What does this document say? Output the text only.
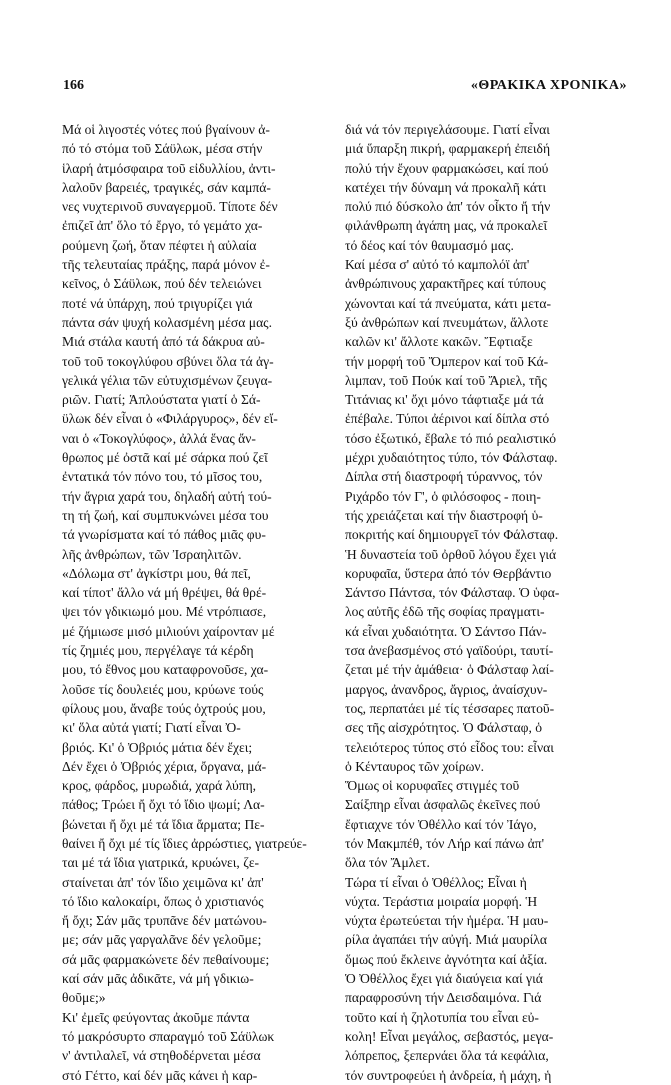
166	«ΘΡΑΚΙΚΑ ΧΡΟΝΙΚΑ»
Μά οἱ λιγοστές νότες πού βγαίνουν ἀ-
πό τό στόμα τοῦ Σάϋλωκ, μέσα στήν
ἱλαρή ἀτμόσφαιρα τοῦ εἰδυλλίου, ἀντι-
λαλοῦν βαρειές, τραγικές, σάν καμπά-
νες νυχτερινοῦ συναγερμοῦ. Τίποτε δέν
ἐπιζεῖ ἀπ' ὅλο τό ἔργο, τό γεμάτο χα-
ρούμενη ζωή, ὅταν πέφτει ἡ αὐλαία
τῆς τελευταίας πράξης, παρά μόνον ἐ-
κεῖνος, ὁ Σάϋλωκ, πού δέν τελειώνει
ποτέ νά ὑπάρχη, πού τριγυρίζει γιά
πάντα σάν ψυχή κολασμένη μέσα μας.
Μιά στάλα καυτή ἀπό τά δάκρυα αὐ-
τοῦ τοῦ τοκογλύφου σβύνει ὅλα τά ἀγ-
γελικά γέλια τῶν εὐτυχισμένων ζευγα-
ριῶν. Γιατί; Ἁπλούστατα γιατί ὁ Σά-
ϋλωκ δέν εἶναι ὁ «Φιλάργυρος», δέν εἴ-
ναι ὁ «Τοκογλύφος», ἀλλά ἕνας ἄν-
θρωπος μέ ὀστᾶ καί μέ σάρκα πού ζεῖ
ἐντατικά τόν πόνο του, τό μῖσος του,
τήν ἄγρια χαρά του, δηλαδή αὐτή τού-
τη τή ζωή, καί συμπυκνώνει μέσα του
τά γνωρίσματα καί τό πάθος μιᾶς φυ-
λῆς ἀνθρώπων, τῶν Ἰσραηλιτῶν.
«Δόλωμα στ' ἀγκίστρι μου, θά πεῖ,
καί τίποτ' ἄλλο νά μή θρέψει, θά θρέ-
ψει τόν γδικιωμό μου. Μέ ντρόπιασε,
μέ ζήμιωσε μισό μιλιούνι χαίρονταν μέ
τίς ζημιές μου, περγέλαγε τά κέρδη
μου, τό ἔθνος μου καταφρονοῦσε, χα-
λοῦσε τίς δουλειές μου, κρύωνε τούς
φίλους μου, ἄναβε τούς ὀχτρούς μου,
κι' ὅλα αὐτά γιατί; Γιατί εἶναι Ὀ-
βριός. Κι' ὁ Ὀβριός μάτια δέν ἔχει;
Δέν ἔχει ὁ Ὀβριός χέρια, ὄργανα, μά-
κρος, φάρδος, μυρωδιά, χαρά λύπη,
πάθος; Τρώει ἤ ὄχι τό ἴδιο ψωμί; Λα-
βώνεται ἤ ὄχι μέ τά ἴδια ἄρματα; Πε-
θαίνει ἤ ὄχι μέ τίς ἴδιες ἀρρώστιες, γιατρεύε-
ται μέ τά ἴδια γιατρικά, κρυώνει, ζε-
σταίνεται ἀπ' τόν ἴδιο χειμῶνα κι' ἀπ'
τό ἴδιο καλοκαίρι, ὅπως ὁ χριστιανός
ἤ ὄχι; Σάν μᾶς τρυπᾶνε δέν ματώνου-
με; σάν μᾶς γαργαλᾶνε δέν γελοῦμε;
σά μᾶς φαρμακώνετε δέν πεθαίνουμε;
καί σάν μᾶς ἀδικᾶτε, νά μή γδικιω-
θοῦμε;»
Κι' ἐμεῖς φεύγοντας ἀκοῦμε πάντα
τό μακρόσυρτο σπαραγμό τοῦ Σάϋλωκ
ν' ἀντιλαλεῖ, νά στηθοδέρνεται μέσα
στό Γέττο, καί δέν μᾶς κάνει ἡ καρ-
διά νά τόν περιγελάσουμε. Γιατί εἶναι
μιά ὕπαρξη πικρή, φαρμακερή ἐπειδή
πολύ τήν ἔχουν φαρμακώσει, καί πού
κατέχει τήν δύναμη νά προκαλῆ κάτι
πολύ πιό δύσκολο ἀπ' τόν οἶκτο ἤ τήν
φιλάνθρωπη ἀγάπη μας, νά προκαλεῖ
τό δέος καί τόν θαυμασμό μας.
Καί μέσα σ' αὐτό τό καμπολόϊ ἀπ'
ἀνθρώπινους χαρακτῆρες καί τύπους
χώνονται καί τά πνεύματα, κάτι μετα-
ξύ ἀνθρώπων καί πνευμάτων, ἄλλοτε
καλῶν κι' ἄλλοτε κακῶν. Ἔφτιαξε
τήν μορφή τοῦ Ὄμπερον καί τοῦ Κά-
λιμπαν, τοῦ Πούκ καί τοῦ Ἄριελ, τῆς
Τιτάνιας κι' ὄχι μόνο τάφτιαξε μά τά
ἐπέβαλε. Τύποι ἀέρινοι καί δίπλα στό
τόσο ἐξωτικό, ἔβαλε τό πιό ρεαλιστικό
μέχρι χυδαιότητος τύπο, τόν Φάλσταφ.
Δίπλα στή διαστροφή τύραννος, τόν
Ριχάρδο τόν Γ', ὁ φιλόσοφος - ποιη-
τής χρειάζεται καί τήν διαστροφή ὑ-
ποκριτής καί δημιουργεῖ τόν Φάλσταφ.
Ἡ δυναστεία τοῦ ὀρθοῦ λόγου ἔχει γιά
κορυφαῖα, ὕστερα ἀπό τόν Θερβάντιο
Σάντσο Πάντσα, τόν Φάλσταφ. Ὁ ὑφα-
λος αὐτῆς ἐδῶ τῆς σοφίας πραγματι-
κά εἶναι χυδαιότητα. Ὁ Σάντσο Πάν-
τσα ἀνεβασμένος στό γαϊδούρι, ταυτί-
ζεται μέ τήν ἁμάθεια· ὁ Φάλσταφ λαί-
μαργος, ἀνανδρος, ἄγριος, ἀναίσχυν-
τος, περπατάει μέ τίς τέσσαρες πατοῦ-
σες τῆς αἰσχρότητος. Ὁ Φάλσταφ, ὁ
τελειότερος τύπος στό εἶδος του: εἶναι
ὁ Κένταυρος τῶν χοίρων.
Ὅμως οἱ κορυφαῖες στιγμές τοῦ
Σαίξπηρ εἶναι ἀσφαλῶς ἐκεῖνες πού
ἔφτιαχνε τόν Ὀθέλλο καί τόν Ἰάγο,
τόν Μακμπέθ, τόν Λήρ καί πάνω ἀπ'
ὅλα τόν Ἄμλετ.
Τώρα τί εἶναι ὁ Ὀθέλλος; Εἶναι ἡ
νύχτα. Τεράστια μοιραία μορφή. Ἡ
νύχτα ἐρωτεύεται τήν ἡμέρα. Ἡ μαυ-
ρίλα ἀγαπάει τήν αὐγή. Μιά μαυρίλα
ὅμως πού ἔκλεινε ἀγνότητα καί ἀξία.
Ὁ Ὀθέλλος ἔχει γιά διαύγεια καί γιά
παραφροσύνη τήν Δεισδαιμόνα. Γιά
τοῦτο καί ἡ ζηλοτυπία του εἶναι εὐ-
κολη! Εἶναι μεγάλος, σεβαστός, μεγα-
λόπρεπος, ξεπερνάει ὅλα τά κεφάλια,
τόν συντροφεύει ἡ ἀνδρεία, ἡ μάχη, ἡ
